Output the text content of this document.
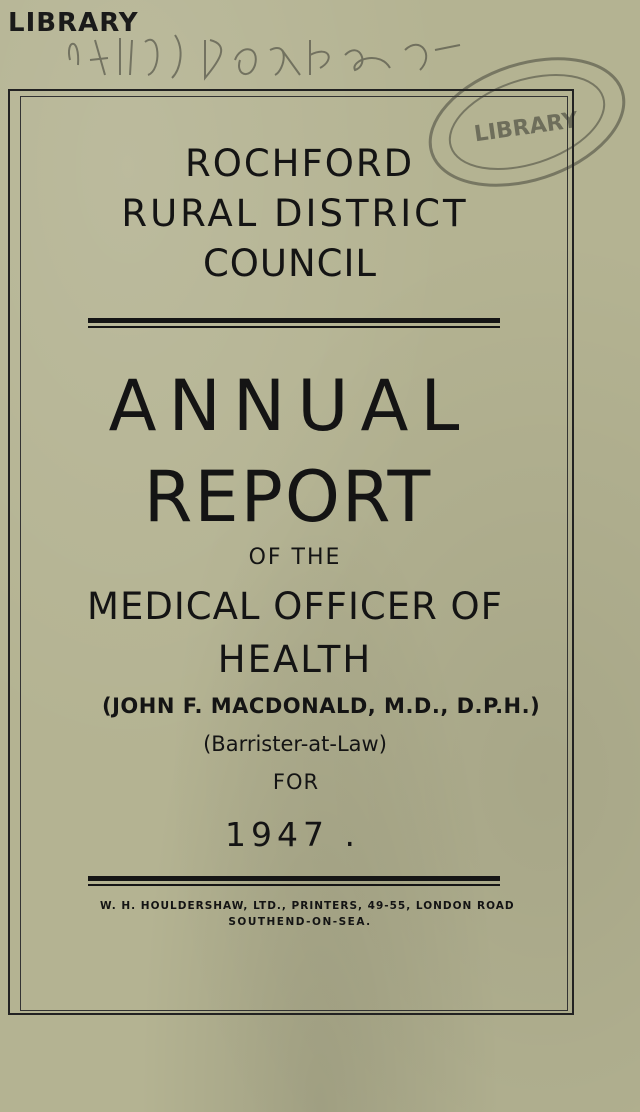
LIBRARY
LIBRARY
ROCHFORD
RURAL DISTRICT
COUNCIL
ANNUAL
REPORT
OF THE
MEDICAL OFFICER OF
HEALTH
(JOHN F. MACDONALD, M.D., D.P.H.)
(Barrister-at-Law)
FOR
1947 .
W. H. HOULDERSHAW, LTD., PRINTERS, 49-55, LONDON ROAD
SOUTHEND-ON-SEA.
